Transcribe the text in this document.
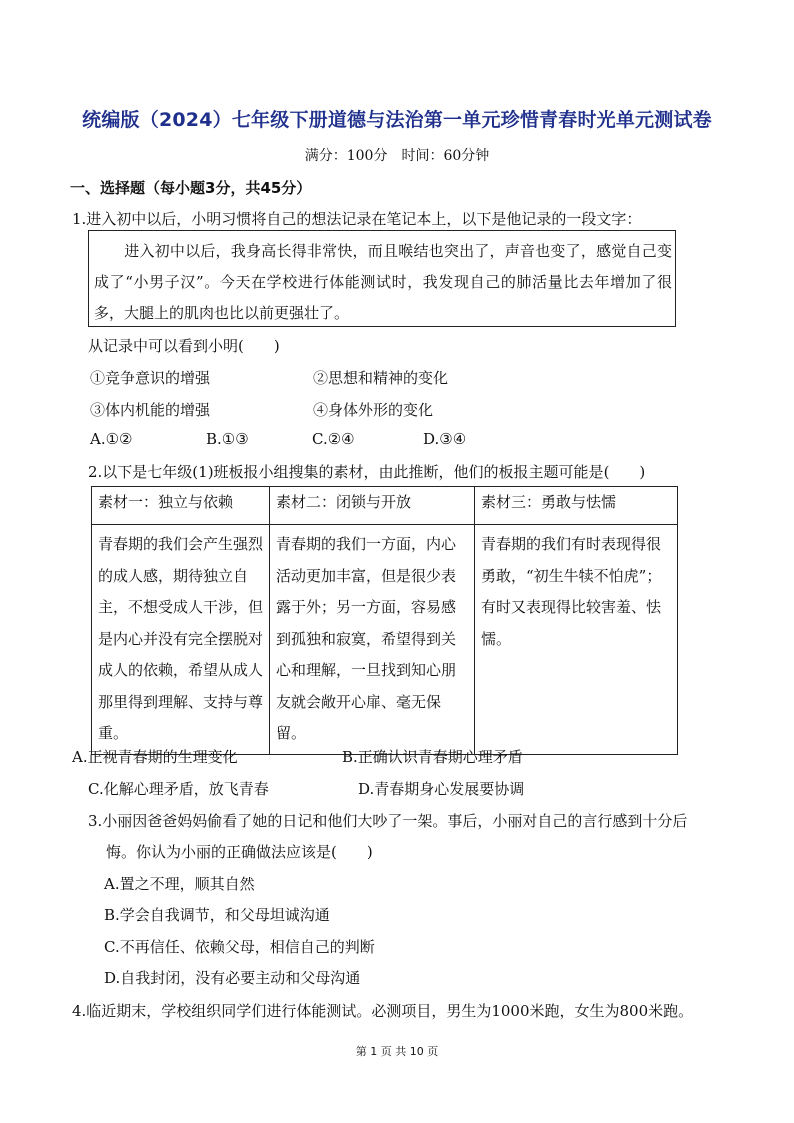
统编版（2024）七年级下册道德与法治第一单元珍惜青春时光单元测试卷
满分：100分　时间：60分钟
一、选择题（每小题3分，共45分）
1.进入初中以后，小明习惯将自己的想法记录在笔记本上，以下是他记录的一段文字：
进入初中以后，我身高长得非常快，而且喉结也突出了，声音也变了，感觉自己变成了“小男子汉”。今天在学校进行体能测试时，我发现自己的肺活量比去年增加了很多，大腿上的肌肉也比以前更强壮了。
从记录中可以看到小明(　　)
①竞争意识的增强	②思想和精神的变化
③体内机能的增强	④身体外形的变化
A.①②	B.①③	C.②④	D.③④
2.以下是七年级(1)班板报小组搜集的素材，由此推断，他们的板报主题可能是(　　)
素材一：独立与依赖	素材二：闭锁与开放	素材三：勇敢与怯懦
青春期的我们会产生强烈的成人感，期待独立自主，不想受成人干涉，但是内心并没有完全摆脱对成人的依赖，希望从成人那里得到理解、支持与尊重。	青春期的我们一方面，内心活动更加丰富，但是很少表露于外；另一方面，容易感到孤独和寂寞，希望得到关心和理解，一旦找到知心朋友就会敞开心扉、毫无保留。	青春期的我们有时表现得很勇敢，“初生牛犊不怕虎”；有时又表现得比较害羞、怯懦。
A.正视青春期的生理变化	B.正确认识青春期心理矛盾
C.化解心理矛盾，放飞青春	D.青春期身心发展要协调
3.小丽因爸爸妈妈偷看了她的日记和他们大吵了一架。事后，小丽对自己的言行感到十分后
悔。你认为小丽的正确做法应该是(　　)
A.置之不理，顺其自然
B.学会自我调节，和父母坦诚沟通
C.不再信任、依赖父母，相信自己的判断
D.自我封闭，没有必要主动和父母沟通
4.临近期末，学校组织同学们进行体能测试。必测项目，男生为1000米跑，女生为800米跑。
第 1 页 共 10 页
